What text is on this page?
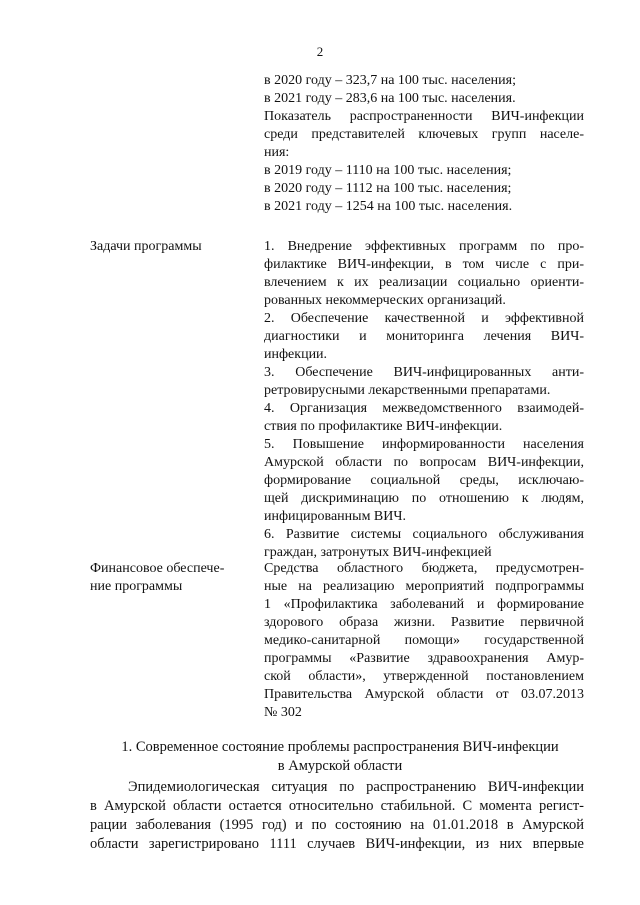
2
в 2020 году – 323,7 на 100 тыс. населения;
в 2021 году – 283,6 на 100 тыс. населения.
Показатель распространенности ВИЧ-инфекции
среди представителей ключевых групп населе-
ния:
в 2019 году – 1110 на 100 тыс. населения;
в 2020 году – 1112 на 100 тыс. населения;
в 2021 году – 1254 на 100 тыс. населения.
Задачи программы	1. Внедрение эффективных программ по про-
филактике ВИЧ-инфекции, в том числе с при-
влечением к их реализации социально ориенти-
рованных некоммерческих организаций.
2. Обеспечение качественной и эффективной
диагностики и мониторинга лечения ВИЧ-
инфекции.
3. Обеспечение ВИЧ-инфицированных анти-
ретровирусными лекарственными препаратами.
4. Организация межведомственного взаимодей-
ствия по профилактике ВИЧ-инфекции.
5. Повышение информированности населения
Амурской области по вопросам ВИЧ-инфекции,
формирование социальной среды, исключаю-
щей дискриминацию по отношению к людям,
инфицированным ВИЧ.
6. Развитие системы социального обслуживания
граждан, затронутых ВИЧ-инфекцией
Финансовое обеспече-
ние программы
Средства областного бюджета, предусмотрен-
ные на реализацию мероприятий подпрограммы
1 «Профилактика заболеваний и формирование
здорового образа жизни. Развитие первичной
медико-санитарной помощи» государственной
программы «Развитие здравоохранения Амур-
ской области», утвержденной постановлением
Правительства Амурской области от 03.07.2013
№ 302
1. Современное состояние проблемы распространения ВИЧ-инфекции
в Амурской области
Эпидемиологическая ситуация по распространению ВИЧ-инфекции
в Амурской области остается относительно стабильной. С момента регист-
рации заболевания (1995 год) и по состоянию на 01.01.2018 в Амурской
области зарегистрировано 1111 случаев ВИЧ-инфекции, из них впервые
